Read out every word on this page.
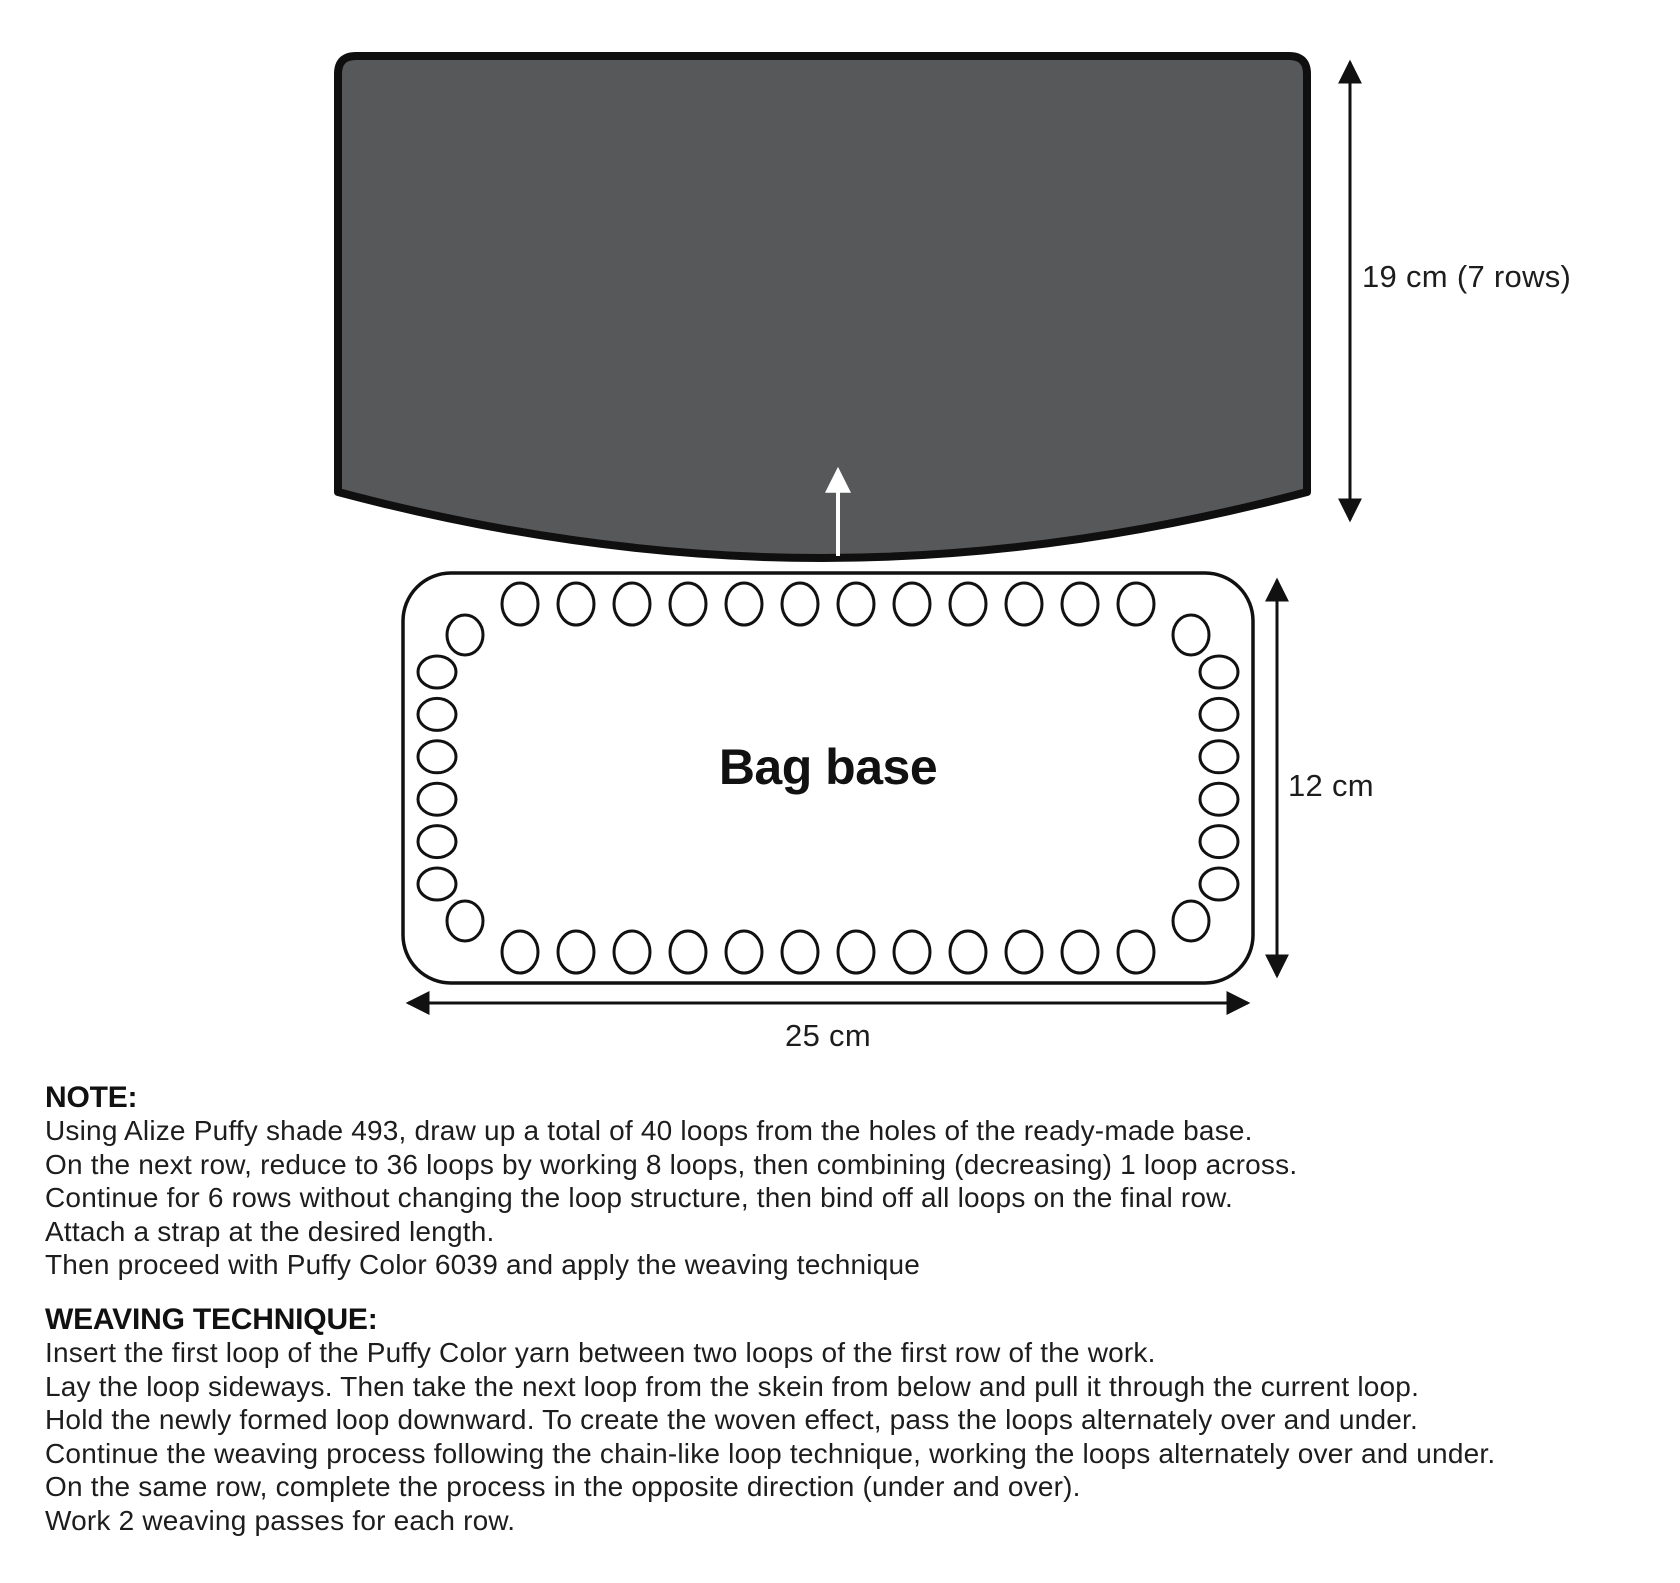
19 cm (7 rows)
12 cm
25 cm
Bag base
NOTE:
Using Alize Puffy shade 493, draw up a total of 40 loops from the holes of the ready-made base.
On the next row, reduce to 36 loops by working 8 loops, then combining (decreasing) 1 loop across.
Continue for 6 rows without changing the loop structure, then bind off all loops on the final row.
Attach a strap at the desired length.
Then proceed with Puffy Color 6039 and apply the weaving technique
WEAVING TECHNIQUE:
Insert the first loop of the Puffy Color yarn between two loops of the first row of the work.
Lay the loop sideways. Then take the next loop from the skein from below and pull it through the current loop.
Hold the newly formed loop downward. To create the woven effect, pass the loops alternately over and under.
Continue the weaving process following the chain-like loop technique, working the loops alternately over and under.
On the same row, complete the process in the opposite direction (under and over).
Work 2 weaving passes for each row.
